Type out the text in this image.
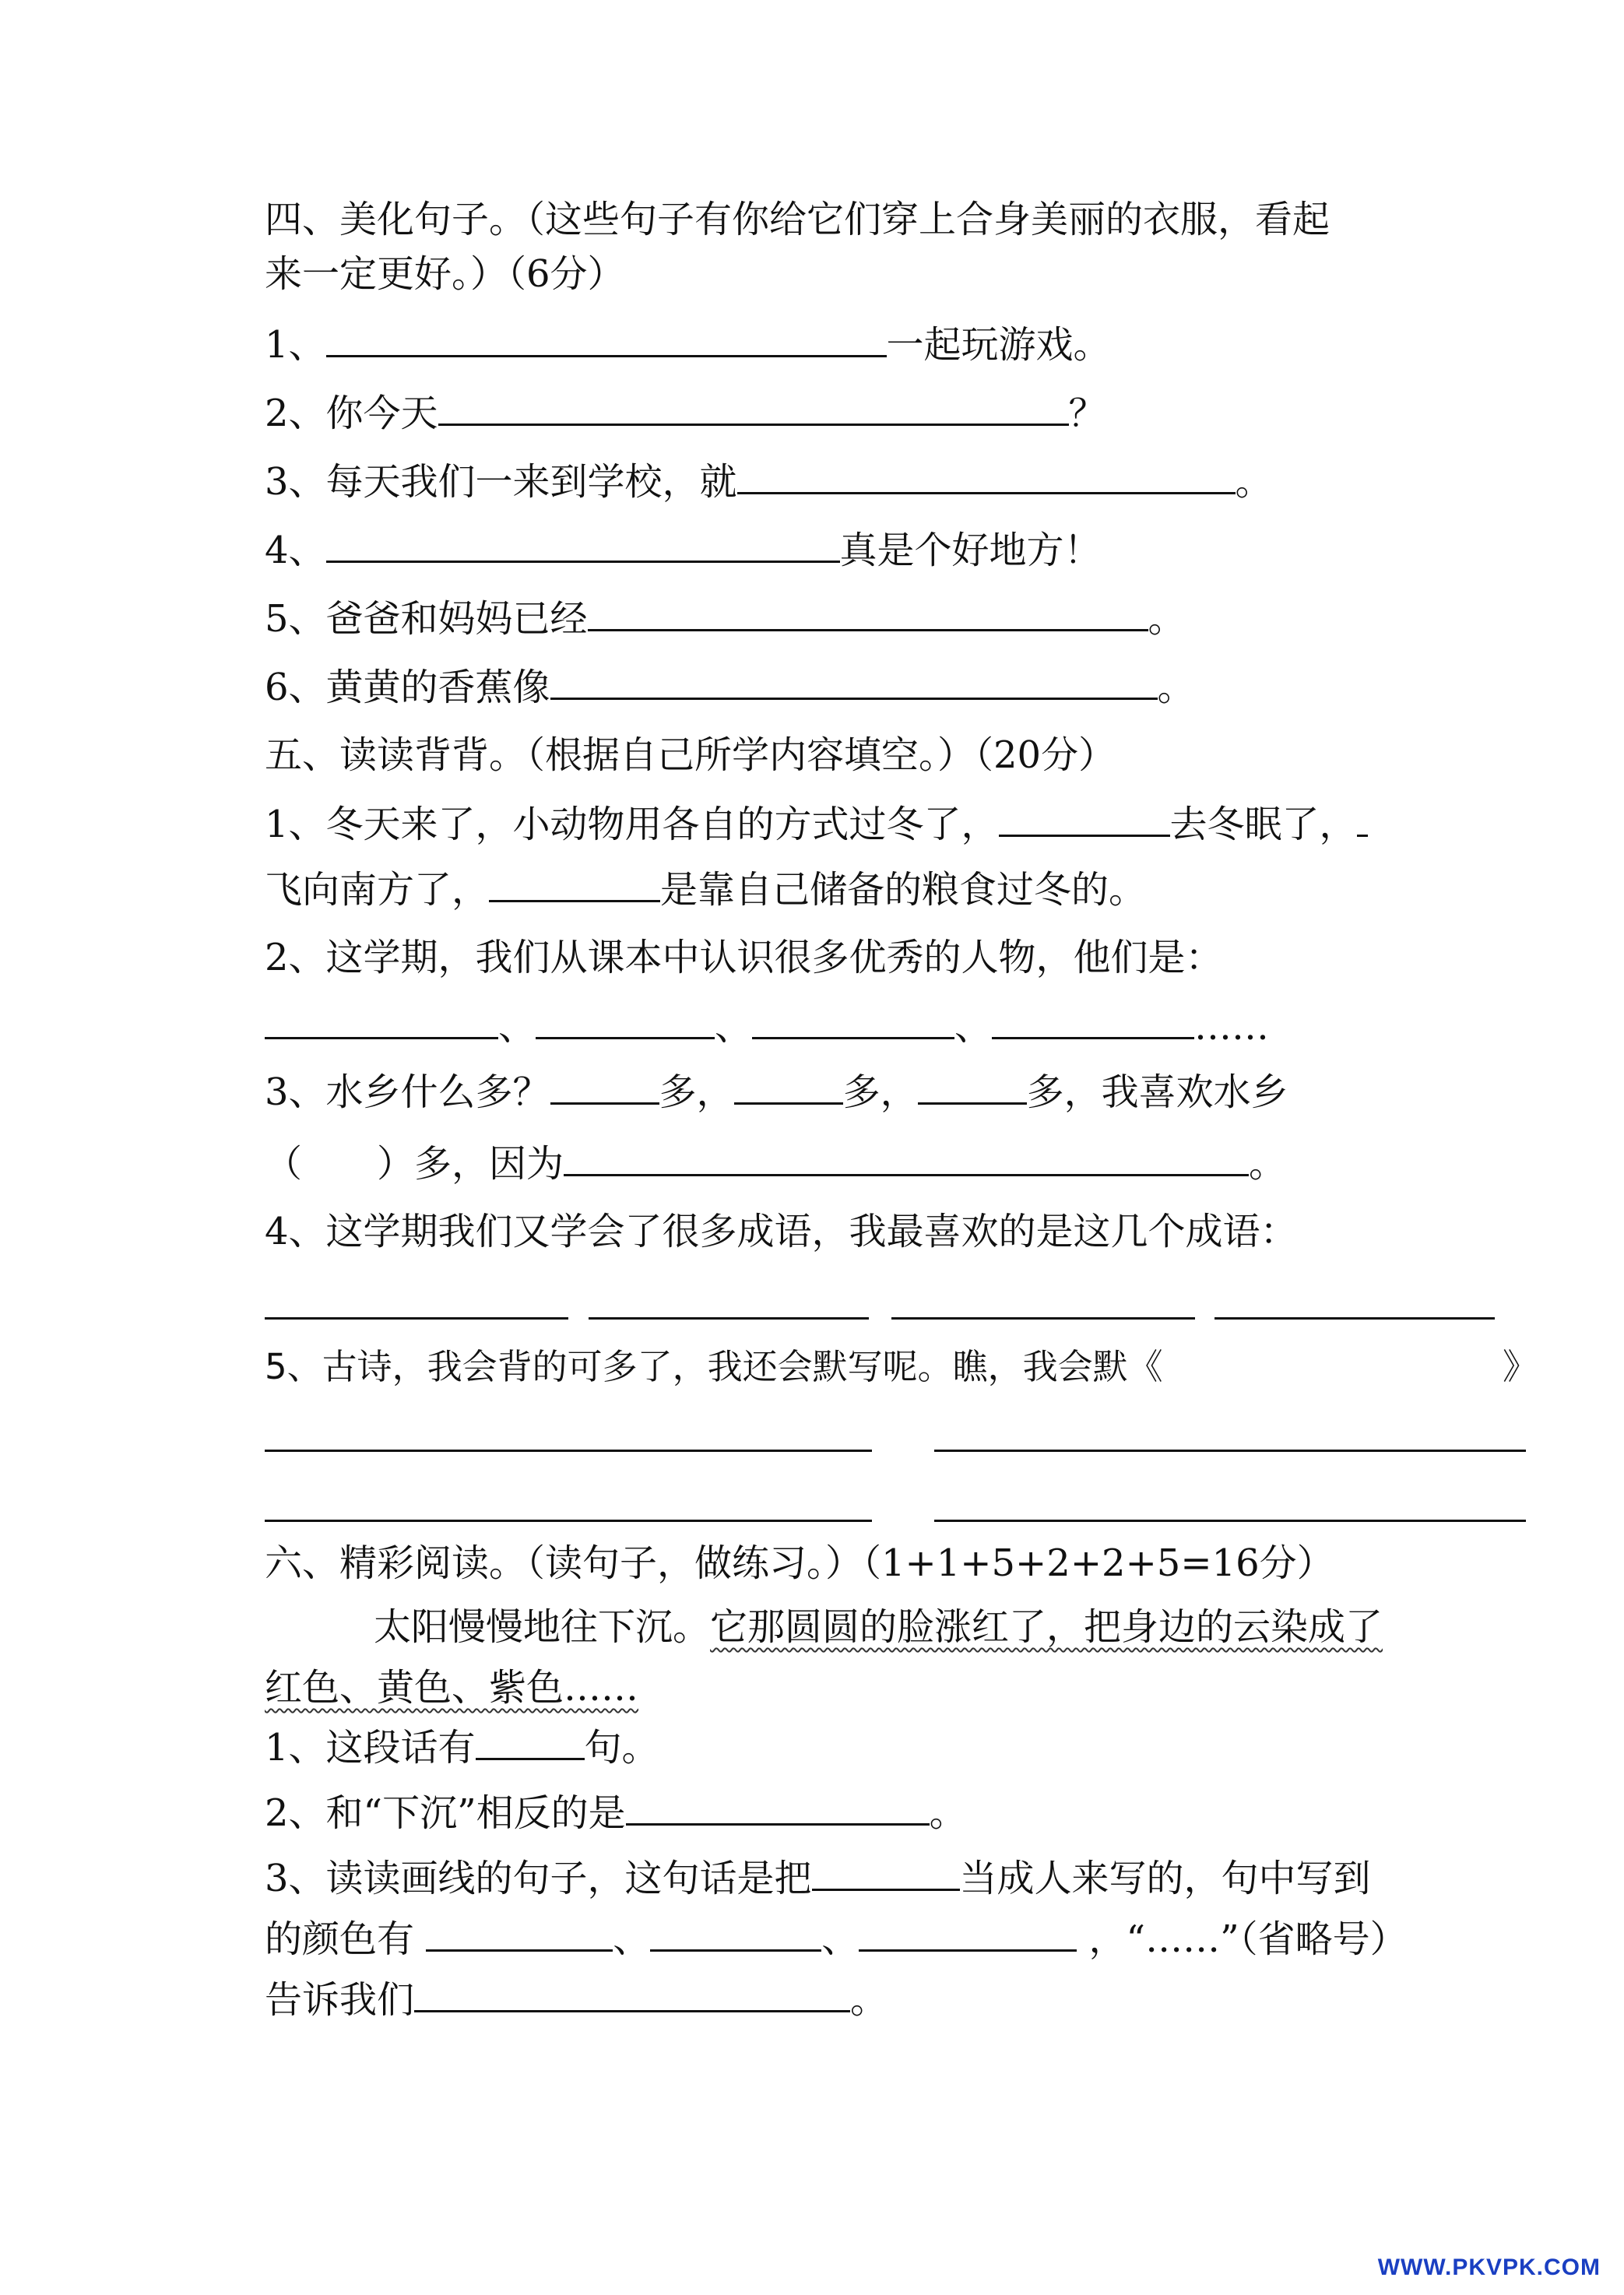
四、美化句子。（这些句子有你给它们穿上合身美丽的衣服，看起
来一定更好。）（6分）
1、	一起玩游戏。
2、你今天	？
3、每天我们一来到学校，就	。
4、	真是个好地方！
5、爸爸和妈妈已经	。
6、黄黄的香蕉像	。
五、读读背背。（根据自己所学内容填空。）（20分）
1、冬天来了，小动物用各自的方式过冬了，	去冬眠了，
飞向南方了，	是靠自己储备的粮食过冬的。
2、这学期，我们从课本中认识很多优秀的人物，他们是：
、	、	、	……
3、水乡什么多？	多，	多，	多，我喜欢水乡
（　　）多，因为	。
4、这学期我们又学会了很多成语，我最喜欢的是这几个成语：
5、古诗，我会背的可多了，我还会默写呢。瞧，我会默《	》
六、精彩阅读。（读句子，做练习。）（1+1+5+2+2+5=16分）
太阳慢慢地往下沉。它那圆圆的脸涨红了，把身边的云染成了
红色、黄色、紫色……
1、这段话有	句。
2、和“下沉”相反的是	。
3、读读画线的句子，这句话是把	当成人来写的，句中写到
的颜色有	、	、	，“……”（省略号）
告诉我们	。
WWW.PKVPK.COM
